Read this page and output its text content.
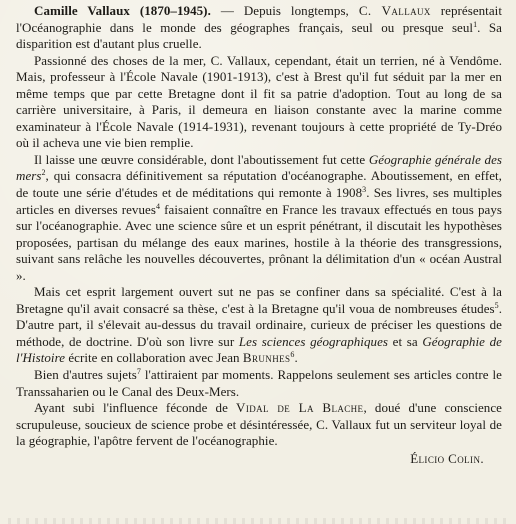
Camille Vallaux (1870–1945). — Depuis longtemps, C. Vallaux représentait l'Océanographie dans le monde des géographes français, seul ou presque seul$^1$. Sa disparition est d'autant plus cruelle.

Passionné des choses de la mer, C. Vallaux, cependant, était un terrien, né à Vendôme. Mais, professeur à l'École Navale (1901-1913), c'est à Brest qu'il fut séduit par la mer en même temps que par cette Bretagne dont il fit sa patrie d'adoption. Tout au long de sa carrière universitaire, à Paris, il demeura en liaison constante avec la marine comme examinateur à l'École Navale (1914-1931), revenant toujours à cette propriété de Ty-Dréo où il acheva une vie bien remplie.

Il laisse une œuvre considérable, dont l'aboutissement fut cette Géographie générale des mers$^2$, qui consacra définitivement sa réputation d'océanographe. Aboutissement, en effet, de toute une série d'études et de méditations qui remonte à 1908$^3$. Ses livres, ses multiples articles en diverses revues$^4$ faisaient connaître en France les travaux effectués en tous pays sur l'océanographie. Avec une science sûre et un esprit pénétrant, il discutait les hypothèses proposées, partisan du mélange des eaux marines, hostile à la théorie des transgressions, suivant sans relâche les nouvelles découvertes, prônant la délimitation d'un « océan Austral ».

Mais cet esprit largement ouvert sut ne pas se confiner dans sa spécialité. C'est à la Bretagne qu'il avait consacré sa thèse, c'est à la Bretagne qu'il voua de nombreuses études$^5$. D'autre part, il s'élevait au-dessus du travail ordinaire, curieux de préciser les questions de méthode, de doctrine. D'où son livre sur Les sciences géographiques et sa Géographie de l'Histoire écrite en collaboration avec Jean Brunhes$^6$.

Bien d'autres sujets$^7$ l'attiraient par moments. Rappelons seulement ses articles contre le Transsaharien ou le Canal des Deux-Mers.

Ayant subi l'influence féconde de Vidal de La Blache, doué d'une conscience scrupuleuse, soucieux de science probe et désintéressée, C. Vallaux fut un serviteur loyal de la géographie, l'apôtre fervent de l'océanographie.

Élicio Colin.
